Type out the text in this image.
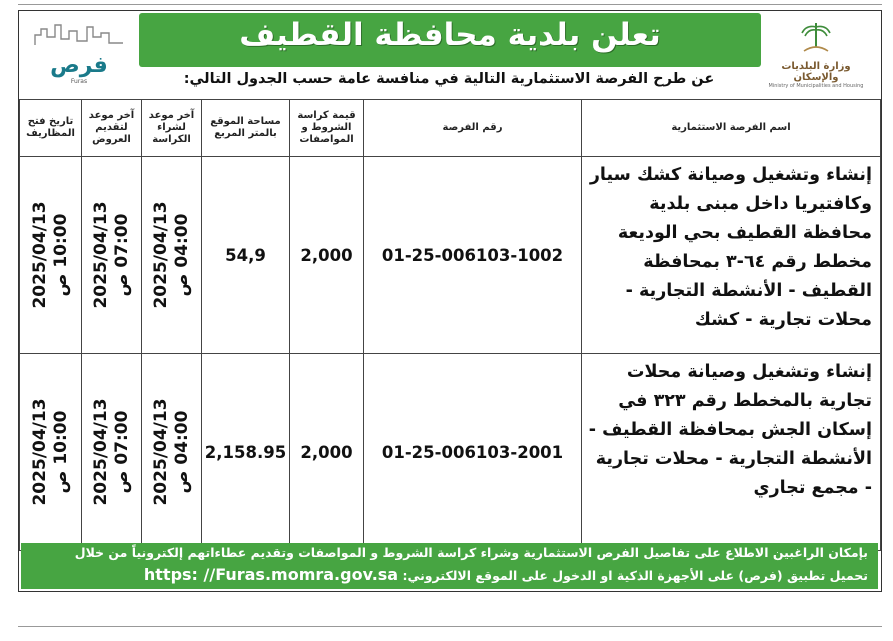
فرص
Furas
تعلن بلدية محافظة القطيف
عن طرح الفرصة الاستثمارية التالية في منافسة عامة حسب الجدول التالي:
وزارة البلديات والإسكان
Ministry of Municipalities and Housing
تاريخ فتح المظاريف	آخر موعد لتقديم العروض	آخر موعد لشراء الكراسة	مساحة الموقع بالمتر المربع	قيمة كراسة الشروط و المواصفات	رقم الفرصة	اسم الفرصة الاستثمارية

2025/04/13 10:00 ص	2025/04/13 07:00 ص	2025/04/13 04:00 ص	54,9	2,000	01-25-006103-1002	إنشاء وتشغيل وصيانة كشك سيار وكافتيريا داخل مبنى بلدية محافظة القطيف بحي الوديعة مخطط رقم ٦٤-٣ بمحافظة القطيف - الأنشطة التجارية - محلات تجارية - كشك

2025/04/13 10:00 ص	2025/04/13 07:00 ص	2025/04/13 04:00 ص	2,158.95	2,000	01-25-006103-2001	إنشاء وتشغيل وصيانة محلات تجارية بالمخطط رقم ٣٢٣ في إسكان الجش بمحافظة القطيف - الأنشطة التجارية - محلات تجارية - مجمع تجاري
بإمكان الراغبين الاطلاع على تفاصيل الفرص الاستثمارية وشراء كراسة الشروط و المواصفات وتقديم عطاءاتهم إلكترونياً من خلال
تحميل تطبيق (فرص) على الأجهزة الذكية او الدخول على الموقع الالكتروني: https: //Furas.momra.gov.sa
